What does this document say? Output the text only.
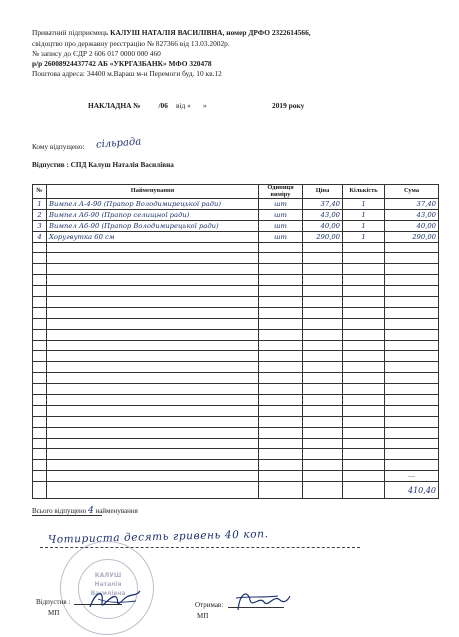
Приватний підприємець КАЛУШ НАТАЛІЯ ВАСИЛІВНА, номер ДРФО 2322614566,
свідоцтво про державну реєстрацію № 827366 від 13.03.2002р.
№ запису до ЄДР 2 606 017 0000 000 460
р/р 26008924437742 АБ «УКРГАЗБАНК» МФО 320478
Поштова адреса: 34400 м.Вараш м-н Перемоги буд. 10 кв.12
НАКЛАДНА № /06 від « »	2019 року
Кому відпущено: сільрада
Відпустив : СПД Калуш Наталія Василівна
№	Найменування	Одиниця виміру	Ціна	Кількість	Сума
1	Вимпел А-4-90 (Прапор Володимирецької ради)	шт	37,40	1	37,40
2	Вимпел А6-90 (Прапор селищної ради)	шт	43,00	1	43,00
3	Вимпел А6-90 (Прапор Володимирецької ради)	шт	40,00	1	40,00
4	Хоругвутка 60 см	шт	290,00	1	290,00

					—
					410,40
Всього відпущено 4 найменування
Чотириста десять гривень 40 коп.
КАЛУШ
Наталія
Василівна
Відпустив :
МП
Отримав:
МП
